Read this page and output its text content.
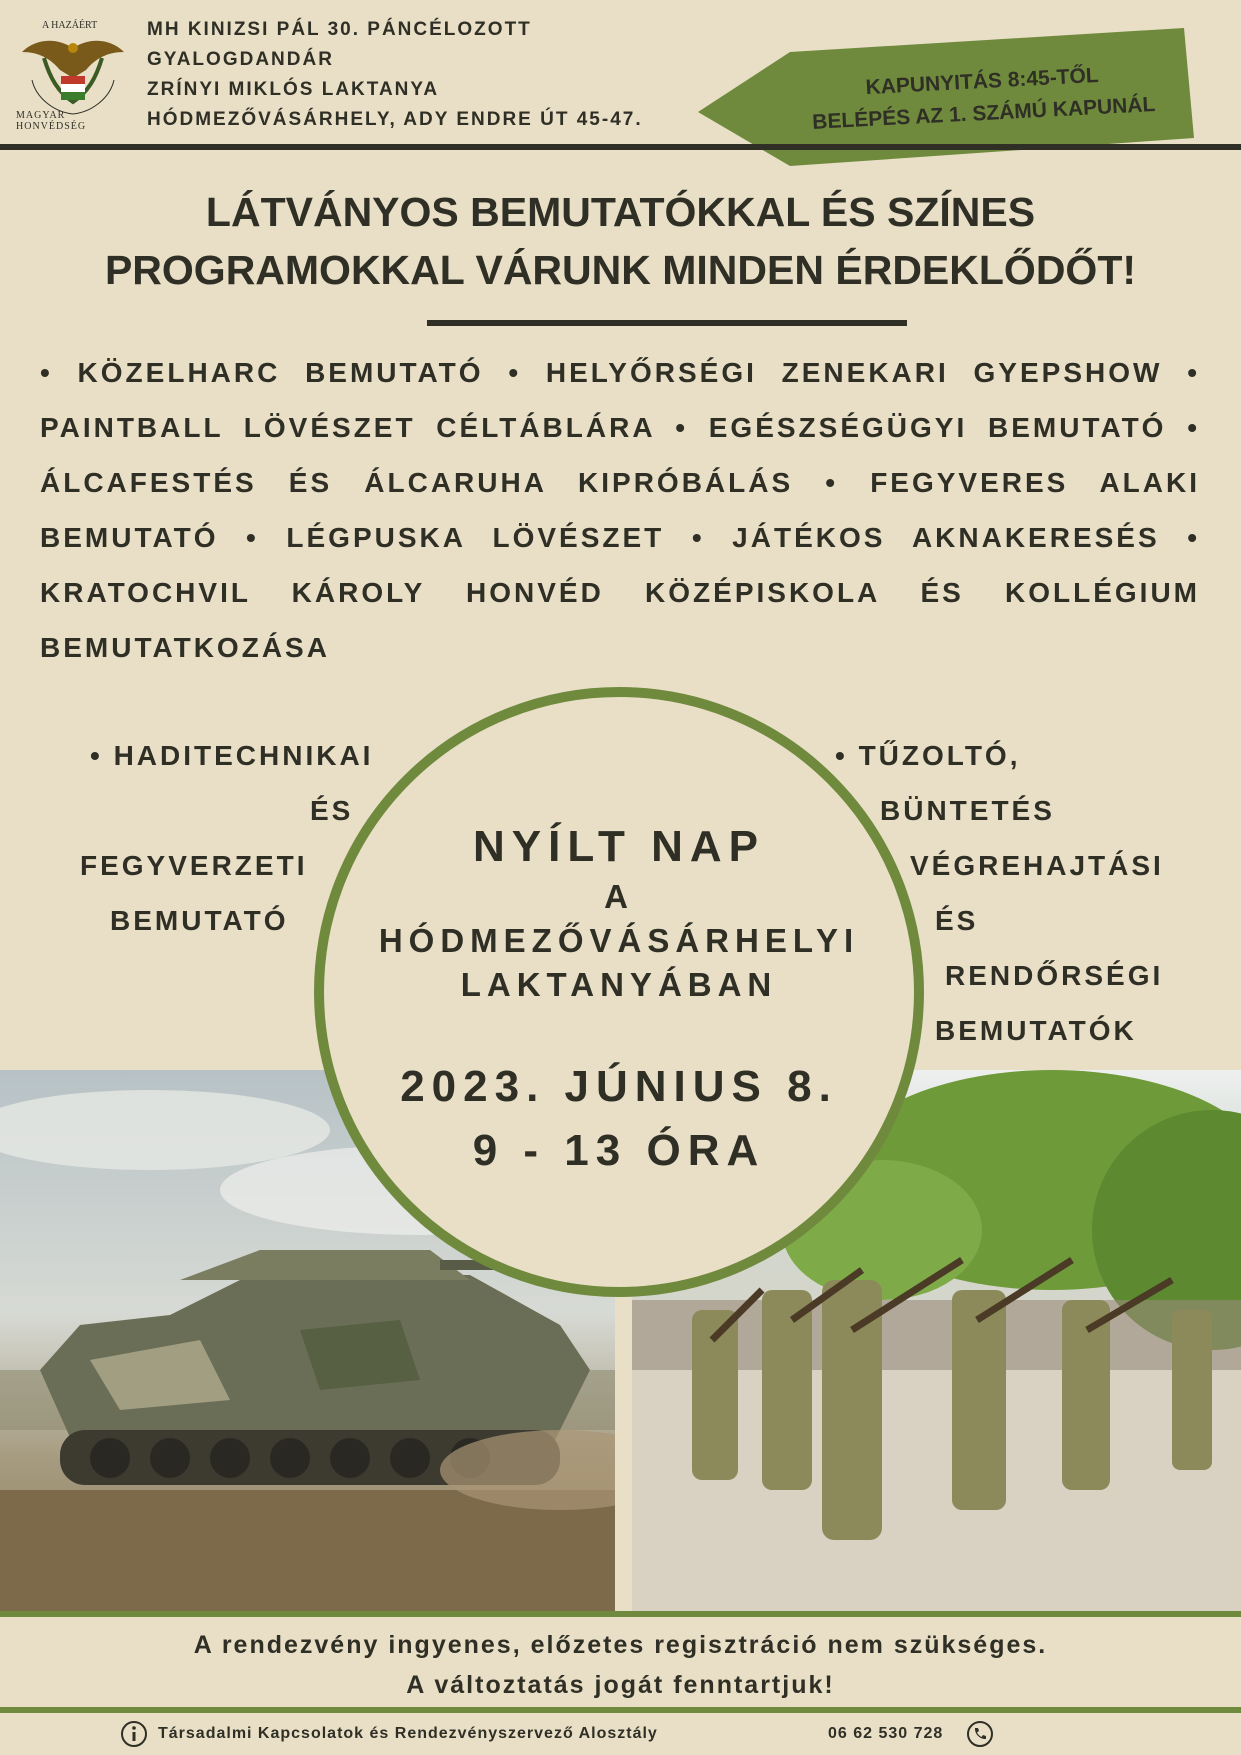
A HAZÁÉRT
MAGYAR HONVÉDSÉG
MH KINIZSI PÁL 30. PÁNCÉLOZOTT
GYALOGDANDÁR
ZRÍNYI MIKLÓS LAKTANYA
HÓDMEZŐVÁSÁRHELY, ADY ENDRE ÚT 45-47.
KAPUNYITÁS 8:45-TŐL
BELÉPÉS AZ 1. SZÁMÚ KAPUNÁL
LÁTVÁNYOS BEMUTATÓKKAL ÉS SZÍNES
PROGRAMOKKAL VÁRUNK MINDEN ÉRDEKLŐDŐT!
• KÖZELHARC BEMUTATÓ • HELYŐRSÉGI ZENEKARI GYEPSHOW • PAINTBALL LÖVÉSZET CÉLTÁBLÁRA • EGÉSZSÉGÜGYI BEMUTATÓ • ÁLCAFESTÉS ÉS ÁLCARUHA KIPRÓBÁLÁS • FEGYVERES ALAKI BEMUTATÓ • LÉGPUSKA LÖVÉSZET • JÁTÉKOS AKNAKERESÉS • KRATOCHVIL KÁROLY HONVÉD KÖZÉPISKOLA ÉS KOLLÉGIUM BEMUTATKOZÁSA
• HADITECHNIKAI
ÉS
FEGYVERZETI
BEMUTATÓ
• TŰZOLTÓ,
BÜNTETÉS
VÉGREHAJTÁSI
ÉS
RENDŐRSÉGI
BEMUTATÓK
NYÍLT NAP
A
HÓDMEZŐVÁSÁRHELYI
LAKTANYÁBAN
2023. JÚNIUS 8.
9 - 13 ÓRA
A rendezvény ingyenes, előzetes regisztráció nem szükséges.
A változtatás jogát fenntartjuk!
Társadalmi Kapcsolatok és Rendezvényszervező Alosztály	06 62 530 728
